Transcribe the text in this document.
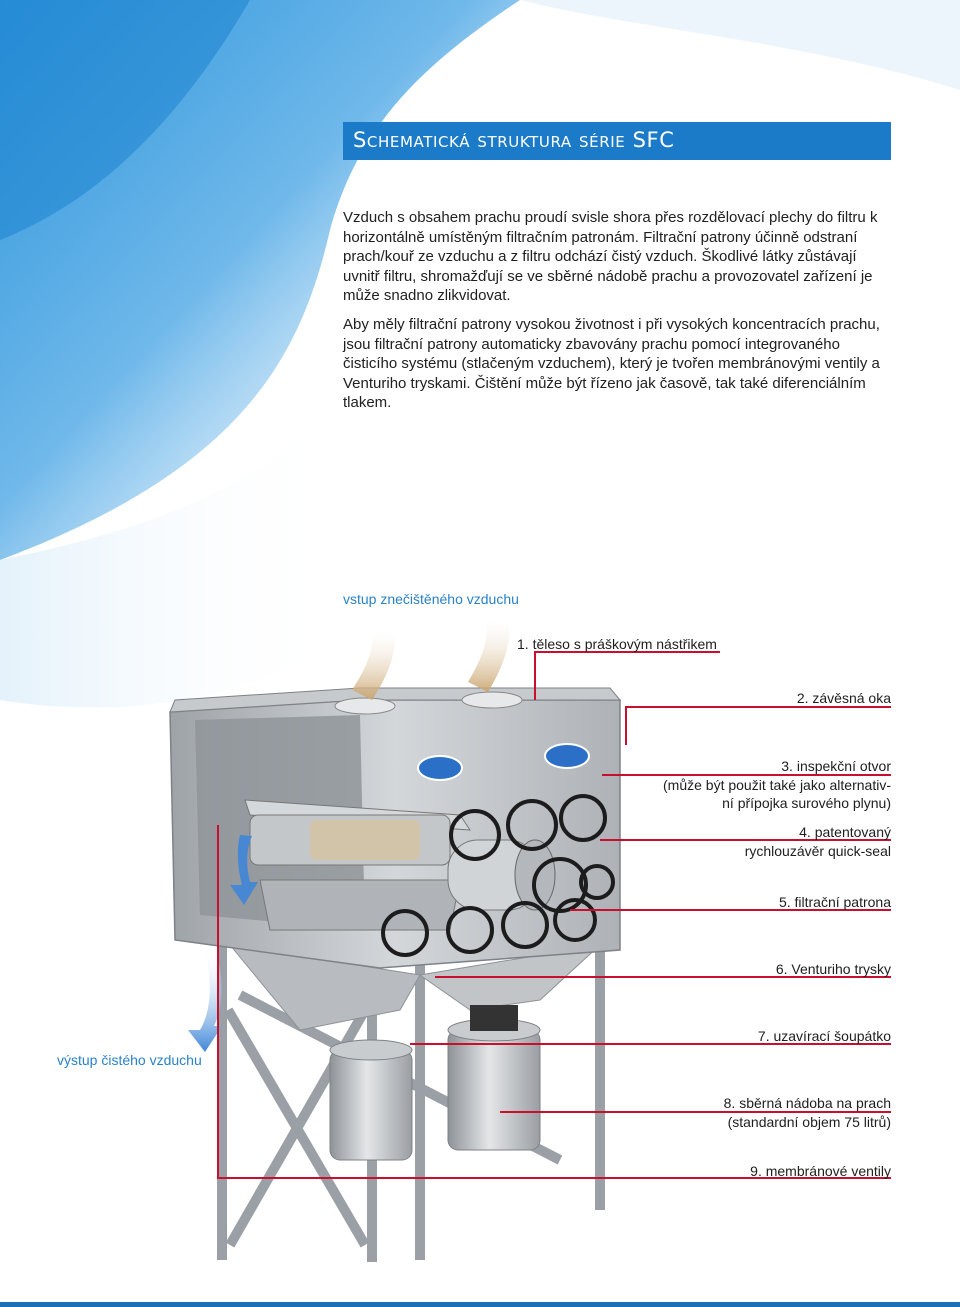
Schematická struktura série SFC

Vzduch s obsahem prachu proudí svisle shora přes rozdělovací plechy do filtru k horizontálně umístěným filtračním patronám. Filtrační patrony účinně odstraní prach/kouř ze vzduchu a z filtru odchází čistý vzduch. Škodlivé látky zůstávají uvnitř filtru, shromažďují se ve sběrné nádobě prachu a provozovatel zařízení je může snadno zlikvidovat.

Aby měly filtrační patrony vysokou životnost i při vysokých koncentracích prachu, jsou filtrační patrony automaticky zbavovány prachu pomocí integrovaného čisticího systému (stlačeným vzduchem), který je tvořen membránovými ventily a Venturiho tryskami. Čištění může být řízeno jak časově, tak také diferenciálním tlakem.

vstup znečištěného vzduchu
výstup čistého vzduchu
1. těleso s práškovým nástřikem
2. závěsná oka
3. inspekční otvor
(může být použit také jako alternativ-
ní přípojka surového plynu)
4. patentovaný
rychlouzávěr quick-seal
5. filtrační patrona
6. Venturiho trysky
7. uzavírací šoupátko
8. sběrná nádoba na prach
(standardní objem 75 litrů)
9. membránové ventily
